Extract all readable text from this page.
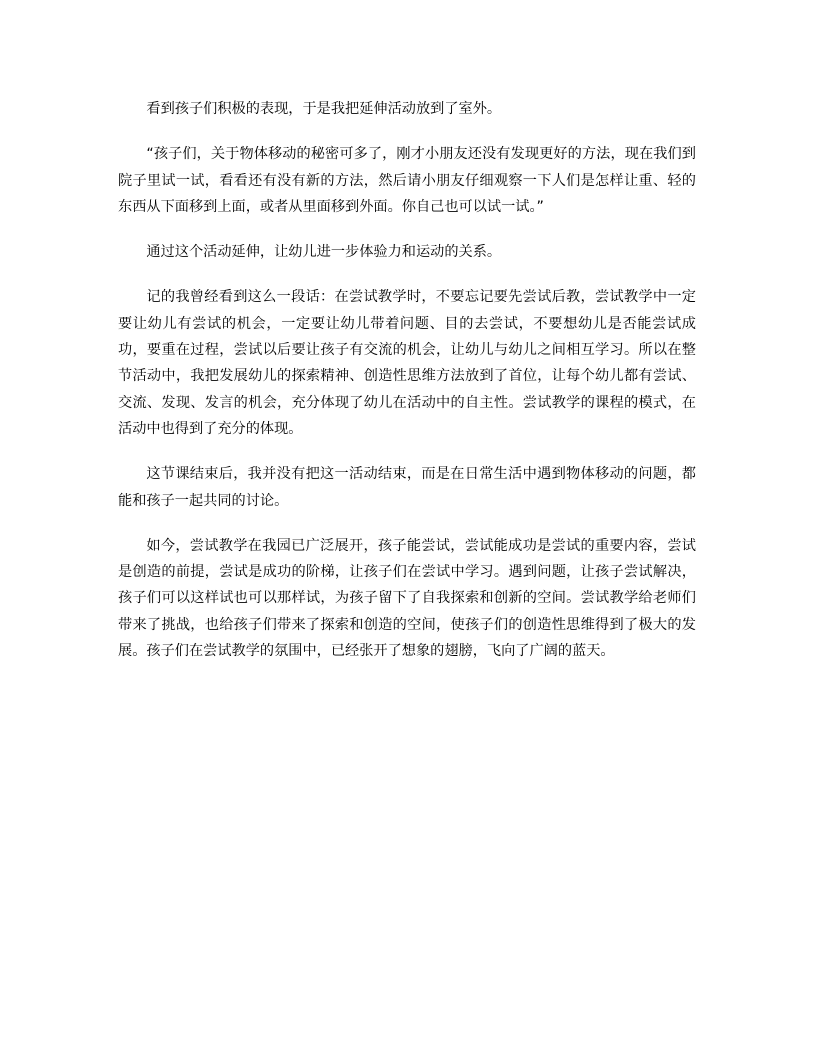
看到孩子们积极的表现，于是我把延伸活动放到了室外。

“孩子们，关于物体移动的秘密可多了，刚才小朋友还没有发现更好的方法，现在我们到院子里试一试，看看还有没有新的方法，然后请小朋友仔细观察一下人们是怎样让重、轻的东西从下面移到上面，或者从里面移到外面。你自己也可以试一试。”

通过这个活动延伸，让幼儿进一步体验力和运动的关系。

记的我曾经看到这么一段话：在尝试教学时，不要忘记要先尝试后教，尝试教学中一定要让幼儿有尝试的机会，一定要让幼儿带着问题、目的去尝试，不要想幼儿是否能尝试成功，要重在过程，尝试以后要让孩子有交流的机会，让幼儿与幼儿之间相互学习。所以在整节活动中，我把发展幼儿的探索精神、创造性思维方法放到了首位，让每个幼儿都有尝试、交流、发现、发言的机会，充分体现了幼儿在活动中的自主性。尝试教学的课程的模式，在活动中也得到了充分的体现。

这节课结束后，我并没有把这一活动结束，而是在日常生活中遇到物体移动的问题，都能和孩子一起共同的讨论。

如今，尝试教学在我园已广泛展开，孩子能尝试，尝试能成功是尝试的重要内容，尝试是创造的前提，尝试是成功的阶梯，让孩子们在尝试中学习。遇到问题，让孩子尝试解决，孩子们可以这样试也可以那样试，为孩子留下了自我探索和创新的空间。尝试教学给老师们带来了挑战，也给孩子们带来了探索和创造的空间，使孩子们的创造性思维得到了极大的发展。孩子们在尝试教学的氛围中，已经张开了想象的翅膀，飞向了广阔的蓝天。
